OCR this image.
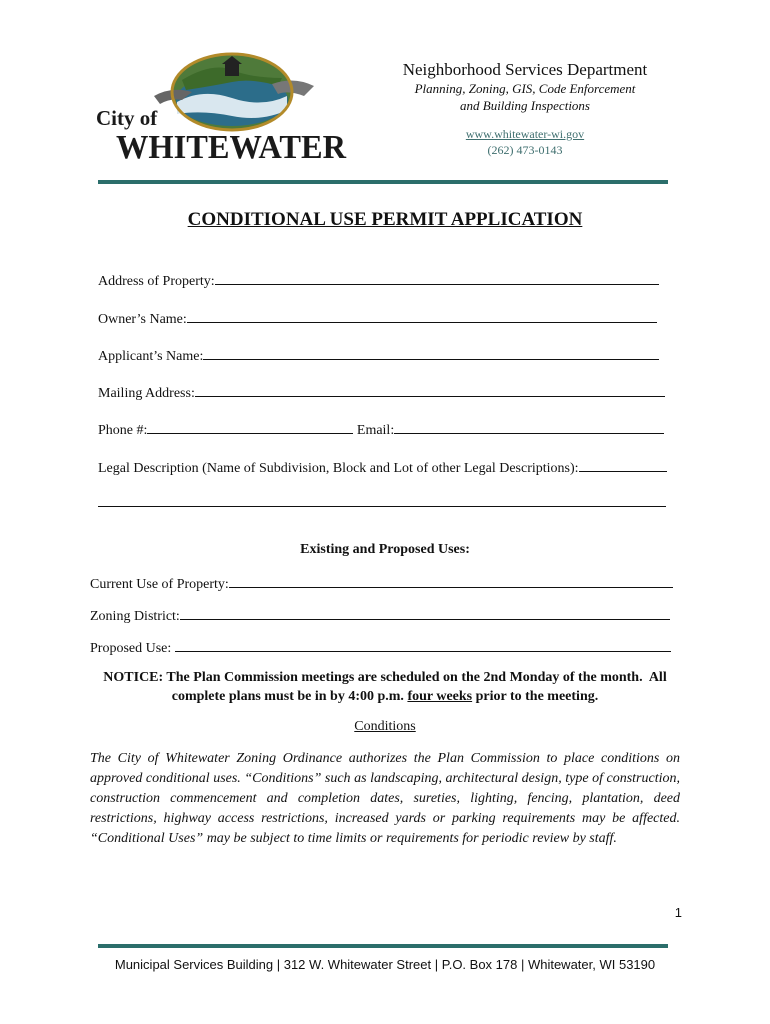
City of
WHITEWATER
Neighborhood Services Department
Planning, Zoning, GIS, Code Enforcement
and Building Inspections
www.whitewater-wi.gov
(262) 473-0143
CONDITIONAL USE PERMIT APPLICATION
Address of Property:
Owner’s Name:
Applicant’s Name:
Mailing Address:
Phone #:	Email:
Legal Description (Name of Subdivision, Block and Lot of other Legal Descriptions):
Existing and Proposed Uses:
Current Use of Property:
Zoning District:
Proposed Use:
NOTICE: The Plan Commission meetings are scheduled on the 2nd Monday of the month.  All complete plans must be in by 4:00 p.m. four weeks prior to the meeting.
Conditions
The City of Whitewater Zoning Ordinance authorizes the Plan Commission to place conditions on approved conditional uses. “Conditions” such as landscaping, architectural design, type of construction, construction commencement and completion dates, sureties, lighting, fencing, plantation, deed restrictions, highway access restrictions, increased yards or parking requirements may be affected. “Conditional Uses” may be subject to time limits or requirements for periodic review by staff.
1
Municipal Services Building | 312 W. Whitewater Street | P.O. Box 178 | Whitewater, WI 53190
